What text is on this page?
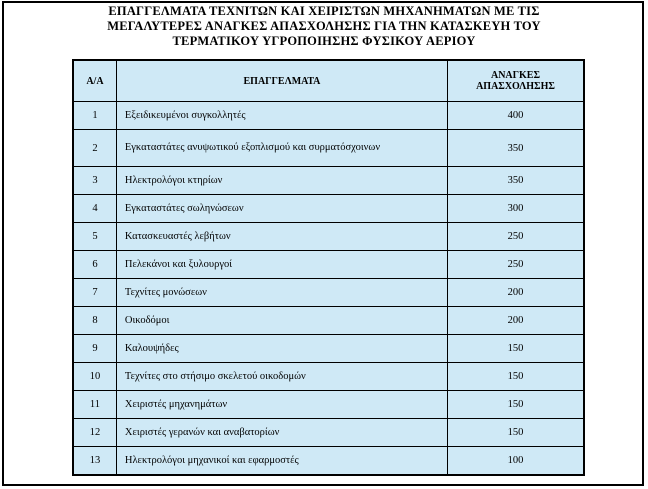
ΕΠΑΓΓΕΛΜΑΤΑ ΤΕΧΝΙΤΩΝ ΚΑΙ ΧΕΙΡΙΣΤΩΝ ΜΗΧΑΝΗΜΑΤΩΝ ΜΕ ΤΙΣ
ΜΕΓΑΛΥΤΕΡΕΣ ΑΝΑΓΚΕΣ ΑΠΑΣΧΟΛΗΣΗΣ ΓΙΑ ΤΗΝ ΚΑΤΑΣΚΕΥΗ ΤΟΥ
ΤΕΡΜΑΤΙΚΟΥ ΥΓΡΟΠΟΙΗΣΗΣ ΦΥΣΙΚΟΥ ΑΕΡΙΟΥ
Α/Α	ΕΠΑΓΓΕΛΜΑΤΑ	ΑΝΑΓΚΕΣ
ΑΠΑΣΧΟΛΗΣΗΣ

1	Εξειδικευμένοι συγκολλητές	400
2	Εγκαταστάτες ανυψωτικού εξοπλισμού και συρματόσχοινων	350
3	Ηλεκτρολόγοι κτηρίων	350
4	Εγκαταστάτες σωληνώσεων	300
5	Κατασκευαστές λεβήτων	250
6	Πελεκάνοι και ξυλουργοί	250
7	Τεχνίτες μονώσεων	200
8	Οικοδόμοι	200
9	Καλουψήδες	150
10	Τεχνίτες στο στήσιμο σκελετού οικοδομών	150
11	Χειριστές μηχανημάτων	150
12	Χειριστές γερανών και αναβατορίων	150
13	Ηλεκτρολόγοι μηχανικοί και εφαρμοστές	100
